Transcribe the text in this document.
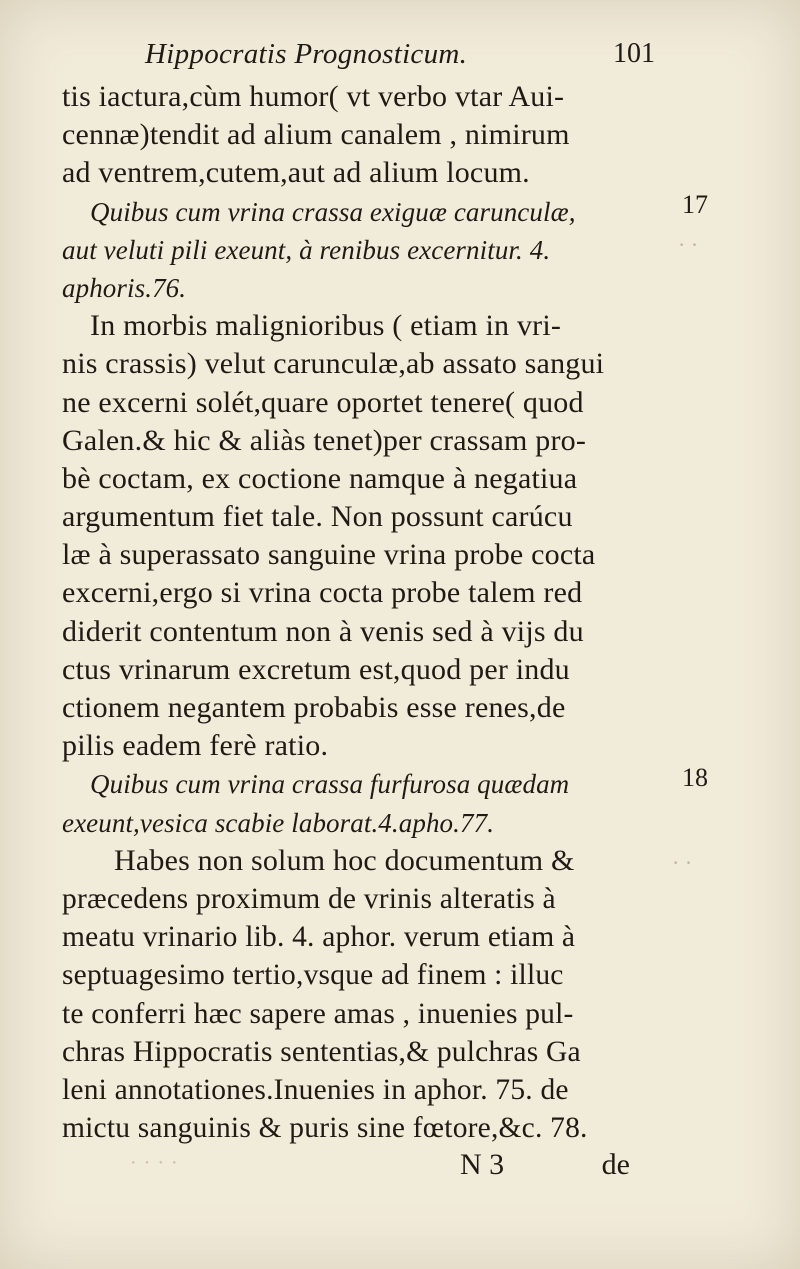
Hippocratis Prognosticum.	101
tis iactura,cùm humor( vt verbo vtar Aui-
cennæ)tendit ad alium canalem , nimirum
ad ventrem,cutem,aut ad alium locum.
Quibus cum vrina crassa exiguæ carunculæ,
aut veluti pili exeunt, à renibus excernitur. 4.
aphoris.76.
In morbis malignioribus ( etiam in vri-
nis crassis) velut carunculæ,ab assato sangui
ne excerni solét,quare oportet tenere( quod
Galen.& hic & aliàs tenet)per crassam pro-
bè coctam, ex coctione namque à negatiua
argumentum fiet tale. Non possunt carúcu
læ à superassato sanguine vrina probe cocta
excerni,ergo si vrina cocta probe talem red
diderit contentum non à venis sed à vijs du
ctus vrinarum excretum est,quod per indu
ctionem negantem probabis esse renes,de
pilis eadem ferè ratio.
Quibus cum vrina crassa furfurosa quædam
exeunt,vesica scabie laborat.4.apho.77.
Habes non solum hoc documentum &
præcedens proximum de vrinis alteratis à
meatu vrinario lib. 4. aphor. verum etiam à
septuagesimo tertio,vsque ad finem : illuc
te conferri hæc sapere amas , inuenies pul-
chras Hippocratis sententias,& pulchras Ga
leni annotationes.Inuenies in aphor. 75. de
mictu sanguinis & puris sine fœtore,&c. 78.
17
18
· ·
· ·
· · · ·	N 3	de
